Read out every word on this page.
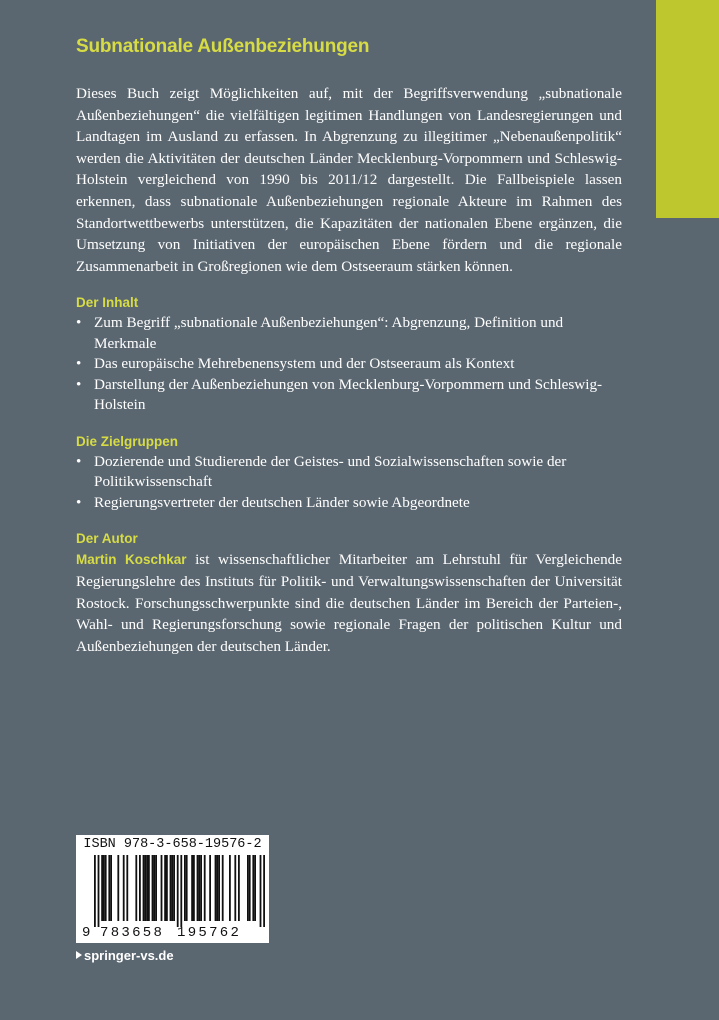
Subnationale Außenbeziehungen

Dieses Buch zeigt Möglichkeiten auf, mit der Begriffsverwendung „subnationale Außenbeziehungen“ die vielfältigen legitimen Handlungen von Landesregierungen und Landtagen im Ausland zu erfassen. In Abgrenzung zu illegitimer „Nebenaußenpolitik“ werden die Aktivitäten der deutschen Länder Mecklenburg-Vorpommern und Schleswig-Holstein vergleichend von 1990 bis 2011/12 dargestellt. Die Fallbeispiele lassen erkennen, dass subnationale Außenbeziehungen regionale Akteure im Rahmen des Standortwettbewerbs unterstützen, die Kapazitäten der nationalen Ebene ergänzen, die Umsetzung von Initiativen der europäischen Ebene fördern und die regionale Zusammenarbeit in Großregionen wie dem Ostseeraum stärken können.

Der Inhalt
• Zum Begriff „subnationale Außenbeziehungen“: Abgrenzung, Definition und Merkmale
• Das europäische Mehrebenensystem und der Ostseeraum als Kontext
• Darstellung der Außenbeziehungen von Mecklenburg-Vorpommern und Schleswig-Holstein
Die Zielgruppen
• Dozierende und Studierende der Geistes- und Sozialwissenschaften sowie der Politikwissenschaft
• Regierungsvertreter der deutschen Länder sowie Abgeordnete
Der Autor

Martin Koschkar ist wissenschaftlicher Mitarbeiter am Lehrstuhl für Vergleichende Regierungslehre des Instituts für Politik- und Verwaltungswissenschaften der Universität Rostock. Forschungsschwerpunkte sind die deutschen Länder im Bereich der Parteien-, Wahl- und Regierungsforschung sowie regionale Fragen der politischen Kultur und Außenbeziehungen der deutschen Länder.

ISBN 978-3-658-19576-2
9 783658 195762
springer-vs.de
